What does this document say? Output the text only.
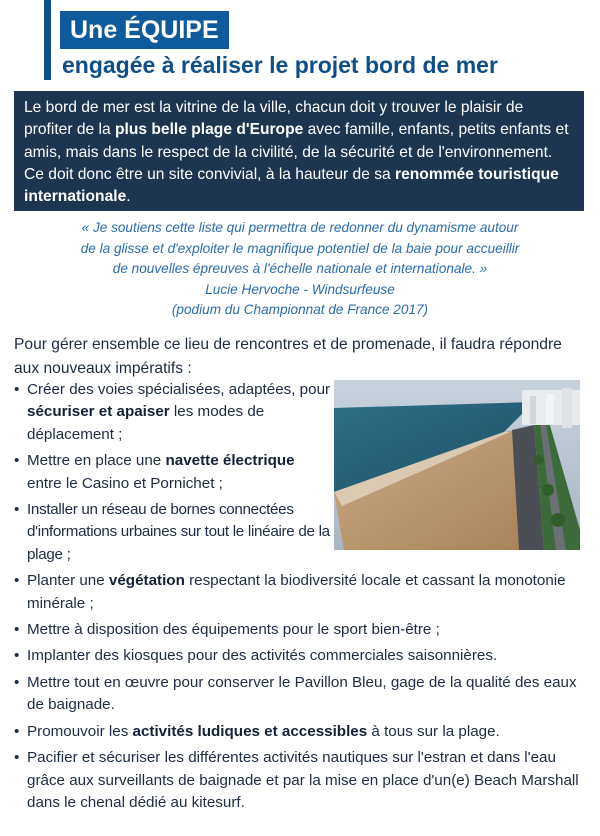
Une ÉQUIPE
engagée à réaliser le projet bord de mer

Le bord de mer est la vitrine de la ville, chacun doit y trouver le plaisir de profiter de la plus belle plage d'Europe avec famille, enfants, petits enfants et amis, mais dans le respect de la civilité, de la sécurité et de l'environnement. Ce doit donc être un site convivial, à la hauteur de sa renommée touristique internationale.

« Je soutiens cette liste qui permettra de redonner du dynamisme autour
de la glisse et d'exploiter le magnifique potentiel de la baie pour accueillir
de nouvelles épreuves à l'échelle nationale et internationale. »
Lucie Hervoche - Windsurfeuse
(podium du Championnat de France 2017)
Pour gérer ensemble ce lieu de rencontres et de promenade, il faudra répondre aux nouveaux impératifs :
• Créer des voies spécialisées, adaptées, pour sécuriser et apaiser les modes de déplacement ;
• Mettre en place une navette électrique entre le Casino et Pornichet ;
• Installer un réseau de bornes connectées d'informations urbaines sur tout le linéaire de la plage ;
• Planter une végétation respectant la biodiversité locale et cassant la monotonie minérale ;
• Mettre à disposition des équipements pour le sport bien-être ;
• Implanter des kiosques pour des activités commerciales saisonnières.
• Mettre tout en œuvre pour conserver le Pavillon Bleu, gage de la qualité des eaux de baignade.
• Promouvoir les activités ludiques et accessibles à tous sur la plage.
• Pacifier et sécuriser les différentes activités nautiques sur l'estran et dans l'eau grâce aux surveillants de baignade et par la mise en place d'un(e) Beach Marshall dans le chenal dédié au kitesurf.
